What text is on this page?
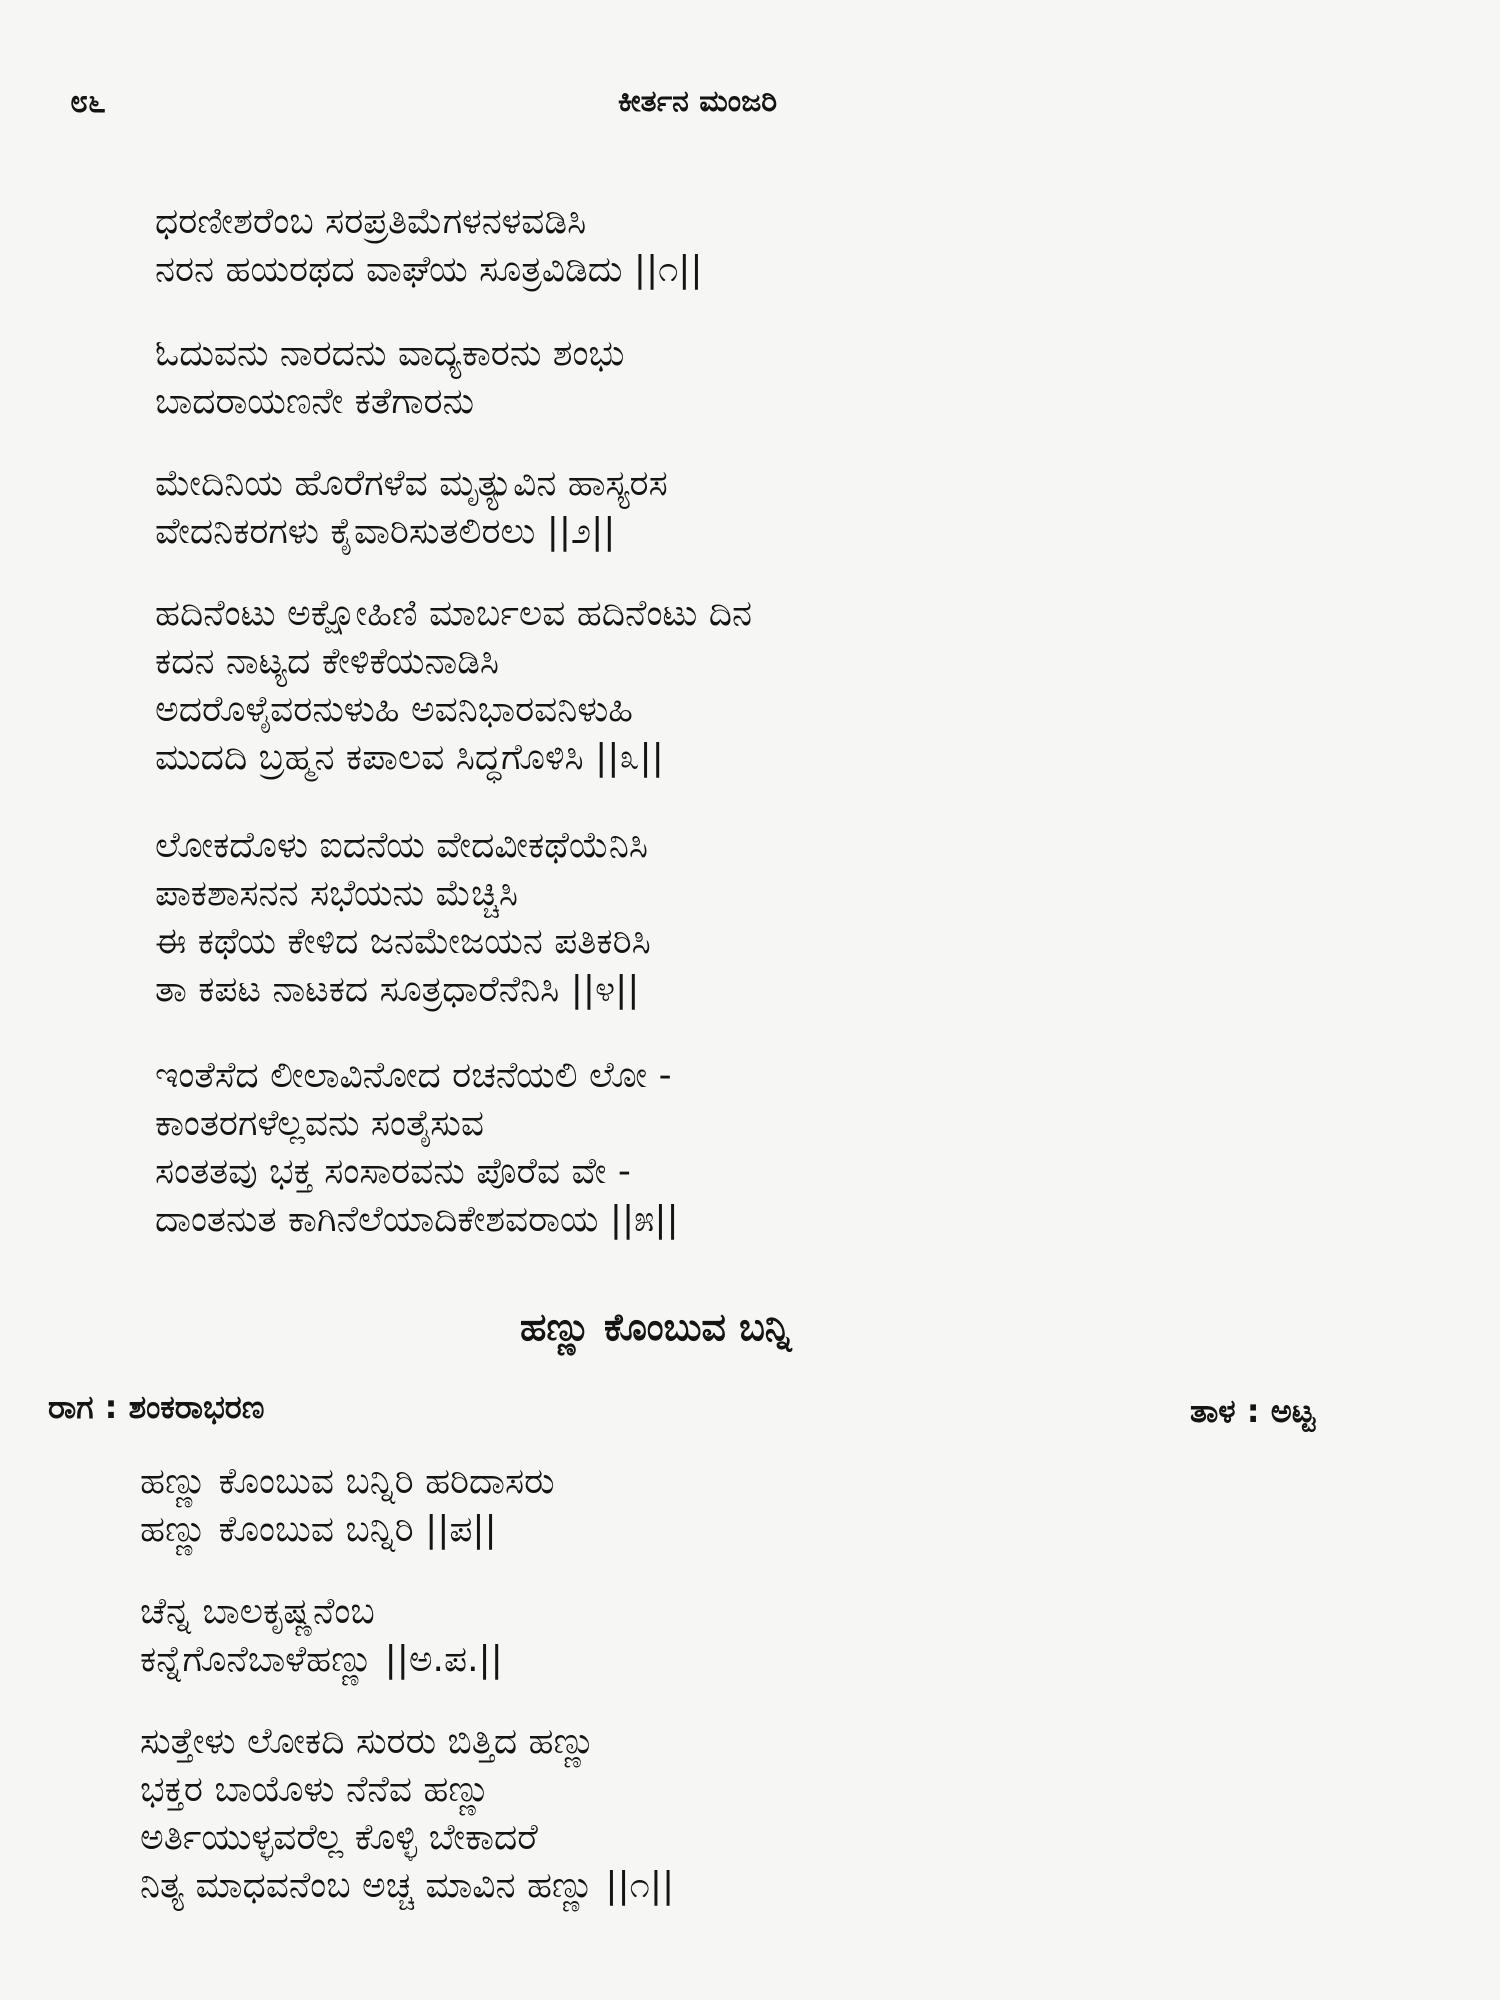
೮೬	ಕೀರ್ತನ ಮಂಜರಿ
ಧರಣೀಶರೆಂಬ ಸರಪ್ರತಿಮೆಗಳನಳವಡಿಸಿ
ನರನ ಹಯರಥದ ವಾಘೆಯ ಸೂತ್ರವಿಡಿದು ||೧||
ಓದುವನು ನಾರದನು ವಾದ್ಯಕಾರನು ಶಂಭು
ಬಾದರಾಯಣನೇ ಕತೆಗಾರನು
ಮೇದಿನಿಯ ಹೊರೆಗಳೆವ ಮೃತ್ಯುವಿನ ಹಾಸ್ಯರಸ
ವೇದನಿಕರಗಳು ಕೈವಾರಿಸುತಲಿರಲು ||೨||
ಹದಿನೆಂಟು ಅಕ್ಷೋಹಿಣಿ ಮಾರ್ಬಲವ ಹದಿನೆಂಟು ದಿನ
ಕದನ ನಾಟ್ಯದ ಕೇಳಿಕೆಯನಾಡಿಸಿ
ಅದರೊಳೈವರನುಳುಹಿ ಅವನಿಭಾರವನಿಳುಹಿ
ಮುದದಿ ಬ್ರಹ್ಮನ ಕಪಾಲವ ಸಿದ್ಧಗೊಳಿಸಿ ||೩||
ಲೋಕದೊಳು ಐದನೆಯ ವೇದವೀಕಥೆಯೆನಿಸಿ
ಪಾಕಶಾಸನನ ಸಭೆಯನು ಮೆಚ್ಚಿಸಿ
ಈ ಕಥೆಯ ಕೇಳಿದ ಜನಮೇಜಯನ ಪತಿಕರಿಸಿ
ತಾ ಕಪಟ ನಾಟಕದ ಸೂತ್ರಧಾರೆನೆನಿಸಿ ||೪||
ಇಂತೆಸೆದ ಲೀಲಾವಿನೋದ ರಚನೆಯಲಿ ಲೋ -
ಕಾಂತರಗಳೆಲ್ಲವನು ಸಂತೈಸುವ
ಸಂತತವು ಭಕ್ತ ಸಂಸಾರವನು ಪೊರೆವ ವೇ -
ದಾಂತನುತ ಕಾಗಿನೆಲೆಯಾದಿಕೇಶವರಾಯ ||೫||
ಹಣ್ಣು ಕೊಂಬುವ ಬನ್ನಿ
ರಾಗ : ಶಂಕರಾಭರಣ	ತಾಳ : ಅಟ್ಟ
ಹಣ್ಣು ಕೊಂಬುವ ಬನ್ನಿರಿ ಹರಿದಾಸರು
ಹಣ್ಣು ಕೊಂಬುವ ಬನ್ನಿರಿ ||ಪ||
ಚೆನ್ನ ಬಾಲಕೃಷ್ಣನೆಂಬ
ಕನ್ನೆಗೊನೆಬಾಳೆಹಣ್ಣು ||ಅ.ಪ.||
ಸುತ್ತೇಳು ಲೋಕದಿ ಸುರರು ಬಿತ್ತಿದ ಹಣ್ಣು
ಭಕ್ತರ ಬಾಯೊಳು ನೆನೆವ ಹಣ್ಣು
ಅರ್ತಿಯುಳ್ಳವರೆಲ್ಲ ಕೊಳ್ಳಿ ಬೇಕಾದರೆ
ನಿತ್ಯ ಮಾಧವನೆಂಬ ಅಚ್ಚ ಮಾವಿನ ಹಣ್ಣು ||೧||
